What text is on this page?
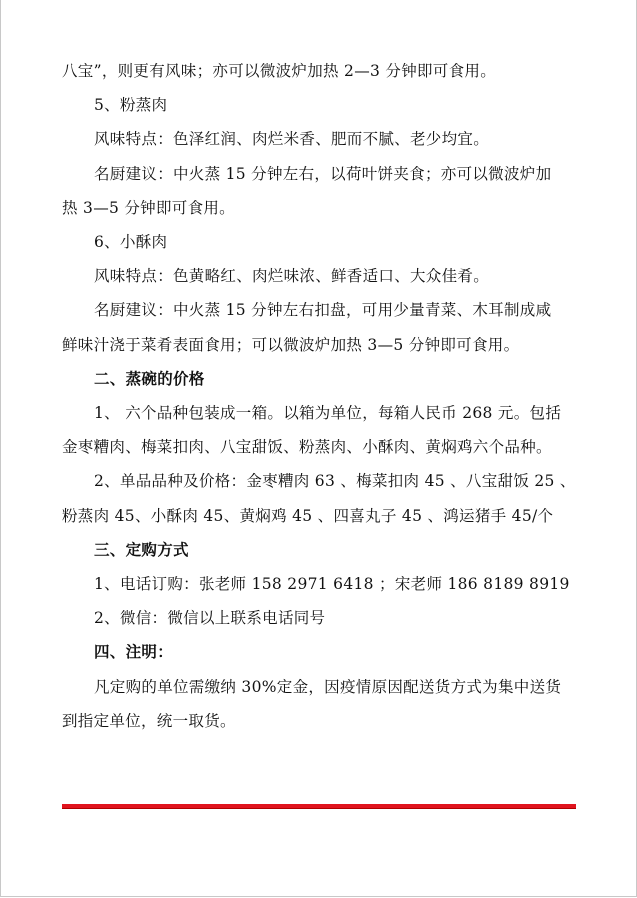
八宝”，则更有风味；亦可以微波炉加热 2—3 分钟即可食用。
5、粉蒸肉
风味特点：色泽红润、肉烂米香、肥而不腻、老少均宜。
名厨建议：中火蒸 15 分钟左右，以荷叶饼夹食；亦可以微波炉加
热 3—5 分钟即可食用。
6、小酥肉
风味特点：色黄略红、肉烂味浓、鲜香适口、大众佳肴。
名厨建议：中火蒸 15 分钟左右扣盘，可用少量青菜、木耳制成咸
鲜味汁浇于菜肴表面食用；可以微波炉加热 3—5 分钟即可食用。
二、蒸碗的价格
1、 六个品种包装成一箱。以箱为单位，每箱人民币 268 元。包括
金枣糟肉、梅菜扣肉、八宝甜饭、粉蒸肉、小酥肉、黄焖鸡六个品种。
2、单品品种及价格：金枣糟肉 63 、梅菜扣肉 45 、八宝甜饭 25 、
粉蒸肉 45、小酥肉 45、黄焖鸡 45 、四喜丸子 45 、鸿运猪手 45/个
三、定购方式
1、电话订购：张老师 158 2971 6418 ；宋老师 186 8189 8919
2、微信：微信以上联系电话同号
四、注明：
凡定购的单位需缴纳 30%定金，因疫情原因配送货方式为集中送货
到指定单位，统一取货。
